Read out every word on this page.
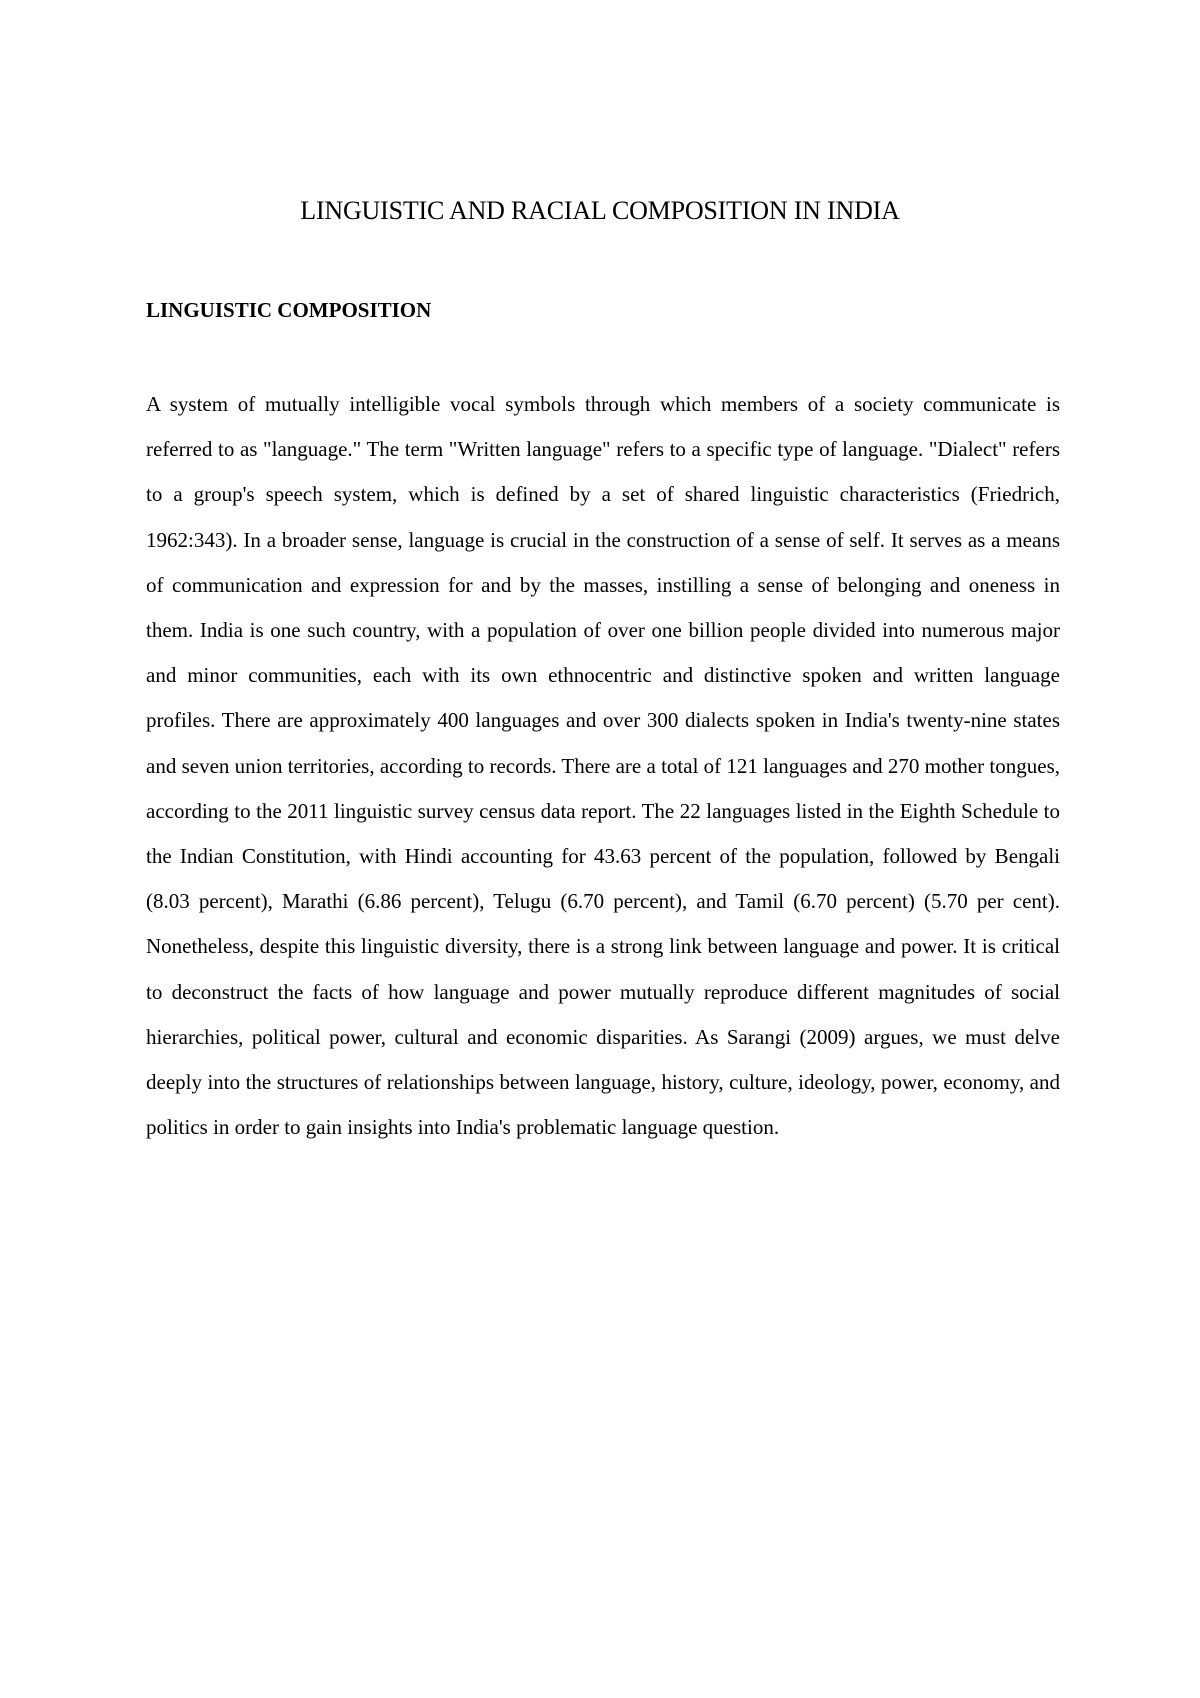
LINGUISTIC AND RACIAL COMPOSITION IN INDIA
LINGUISTIC COMPOSITION

A system of mutually intelligible vocal symbols through which members of a society communicate is referred to as "language." The term "Written language" refers to a specific type of language. "Dialect" refers to a group's speech system, which is defined by a set of shared linguistic characteristics (Friedrich, 1962:343). In a broader sense, language is crucial in the construction of a sense of self. It serves as a means of communication and expression for and by the masses, instilling a sense of belonging and oneness in them. India is one such country, with a population of over one billion people divided into numerous major and minor communities, each with its own ethnocentric and distinctive spoken and written language profiles. There are approximately 400 languages and over 300 dialects spoken in India's twenty-nine states and seven union territories, according to records. There are a total of 121 languages and 270 mother tongues, according to the 2011 linguistic survey census data report. The 22 languages listed in the Eighth Schedule to the Indian Constitution, with Hindi accounting for 43.63 percent of the population, followed by Bengali (8.03 percent), Marathi (6.86 percent), Telugu (6.70 percent), and Tamil (6.70 percent) (5.70 per cent). Nonetheless, despite this linguistic diversity, there is a strong link between language and power. It is critical to deconstruct the facts of how language and power mutually reproduce different magnitudes of social hierarchies, political power, cultural and economic disparities. As Sarangi (2009) argues, we must delve deeply into the structures of relationships between language, history, culture, ideology, power, economy, and politics in order to gain insights into India's problematic language question.
